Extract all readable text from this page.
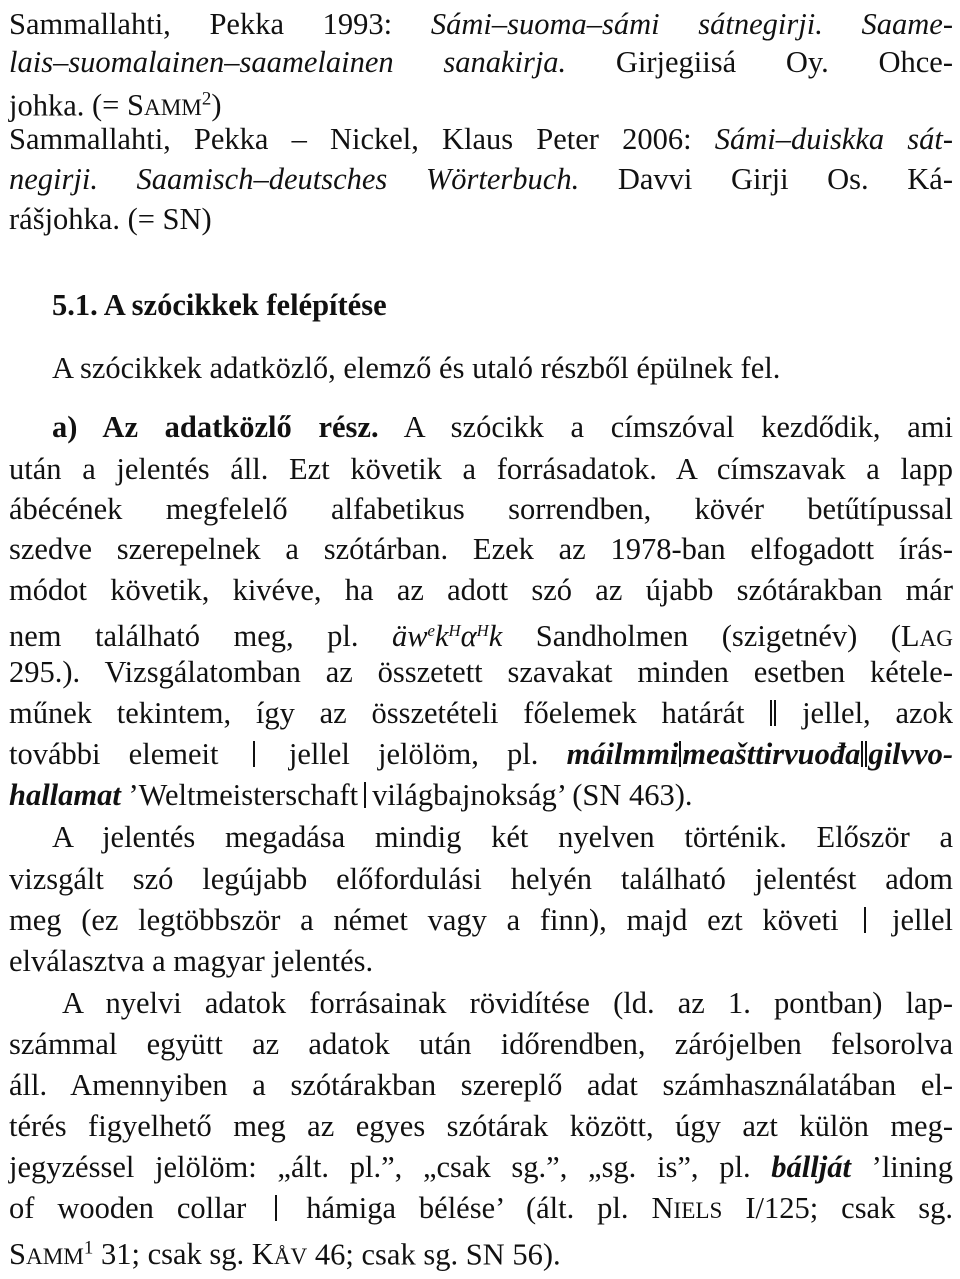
Sammallahti, Pekka 1993: Sámi–suoma–sámi sátnegirji. Saame-
lais–suomalainen–saamelainen sanakirja. Girjegiisá Oy. Ohce-
johka. (= $SAMM^2$)
Sammallahti, Pekka – Nickel, Klaus Peter 2006: Sámi–duiskka sát-
negirji. Saamisch–deutsches Wörterbuch. Davvi Girji Os. Ká-
rášjohka. (= SN)
5.1. A szócikkek felépítése
A szócikkek adatközlő, elemző és utaló részből épülnek fel.
a) Az adatközlő rész. A szócikk a címszóval kezdődik, ami
után a jelentés áll. Ezt követik a forrásadatok. A címszavak a lapp
ábécének megfelelő alfabetikus sorrendben, kövér betűtípussal
szedve szerepelnek a szótárban. Ezek az 1978-ban elfogadott írás-
módot követik, kivéve, ha az adott szó az újabb szótárakban már
nem található meg, pl. $äw^ek^H\alpha^Hk$ Sandholmen (szigetnév) (LAG
295.). Vizsgálatomban az összetett szavakat minden esetben kétele-
műnek tekintem, így az összetételi főelemek határát jellel, azok
további elemeit jellel jelölöm, pl. máilmmi meašttirvuođa gilvvo-
hallamat ’Weltmeisterschaft világbajnokság’ (SN 463).
A jelentés megadása mindig két nyelven történik. Először a
vizsgált szó legújabb előfordulási helyén található jelentést adom
meg (ez legtöbbször a német vagy a finn), majd ezt követi jellel
elválasztva a magyar jelentés.
A nyelvi adatok forrásainak rövidítése (ld. az 1. pontban) lap-
számmal együtt az adatok után időrendben, zárójelben felsorolva
áll. Amennyiben a szótárakban szereplő adat számhasználatában el-
térés figyelhető meg az egyes szótárak között, úgy azt külön meg-
jegyzéssel jelölöm: „ált. pl.”, „csak sg.”, „sg. is”, pl. bállját ’lining
of wooden collar hámiga bélése’ (ált. pl. NIELS I/125; csak sg.
SAMM$^1$ 31; csak sg. KÅV 46; csak sg. SN 56).
